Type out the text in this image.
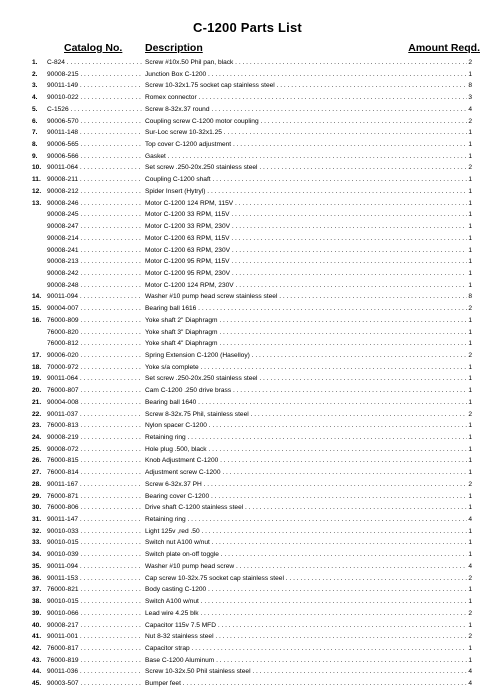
C-1200 Parts List
Catalog No. Description	Amount Reqd.
1. C-824 . . .	Screw #10x.50 Phil pan, black . . .	2
2. 90008-215 . . .	Junction Box C-1200 . . .	1
3. 90011-149 . . .	Screw 10-32x1.75 socket cap stainless steel . . .	8
4. 90010-022 . . .	Romex connector . . .	3
5. C-1526 . . .	Screw 8-32x.37 round . . .	4
6. 90006-570 . . .	Coupling screw C-1200 motor coupling . . .	2
7. 90011-148 . . .	Sur-Loc screw 10-32x1.25 . . .	1
8. 90006-565 . . .	Top cover C-1200 adjustment . . .	1
9. 90006-566 . . .	Gasket . . .	1
10. 90011-064 . . .	Set screw .250-20x.250 stainless steel . . .	2
11. 90008-211 . . .	Coupling C-1200 shaft . . .	1
12. 90008-212 . . .	Spider Insert (Hytryl) . . .	1
13. 90008-246 . . .	Motor C-1200 124 RPM, 115V . . .	1
90008-245 . . .	Motor C-1200 33 RPM, 115V . . .	1
90008-247 . . .	Motor C-1200 33 RPM, 230V . . .	1
90008-214 . . .	Motor C-1200 63 RPM, 115V . . .	1
90008-241 . . .	Motor C-1200 63 RPM, 230V . . .	1
90008-213 . . .	Motor C-1200 95 RPM, 115V . . .	1
90008-242 . . .	Motor C-1200 95 RPM, 230V . . .	1
90008-248 . . .	Motor C-1200 124 RPM, 230V . . .	1
14. 90011-094 . . .	Washer #10 pump head screw stainless steel . . .	8
15. 90004-007 . . .	Bearing ball 1616 . . .	2
16. 76000-809 . . .	Yoke shaft 2" Diaphragm . . .	1
76000-820 . . .	Yoke shaft 3" Diaphragm . . .	1
76000-812 . . .	Yoke shaft 4" Diaphragm . . .	1
17. 90006-020 . . .	Spring Extension C-1200 (Haselloy) . . .	2
18. 70000-972 . . .	Yoke s/a complete . . .	1
19. 90011-064 . . .	Set screw .250-20x.250 stainless steel . . .	1
20. 76000-807 . . .	Cam C-1200 .250 drive brass . . .	1
21. 90004-008 . . .	Bearing ball 1640 . . .	1
22. 90011-037 . . .	Screw 8-32x.75 Phil, stainless steel . . .	2
23. 76000-813 . . .	Nylon spacer C-1200 . . .	1
24. 90008-219 . . .	Retaining ring . . .	1
25. 90008-072 . . .	Hole plug .500, black . . .	1
26. 76000-815 . . .	Knob Adjustment C-1200 . . .	1
27. 76000-814 . . .	Adjustment screw C-1200 . . .	1
28. 90011-167 . . .	Screw 6-32x.37 PH . . .	2
29. 76000-871 . . .	Bearing cover C-1200 . . .	1
30. 76000-806 . . .	Drive shaft C-1200 stainless steel . . .	1
31. 90011-147 . . .	Retaining ring . . .	4
32. 90010-033 . . .	Light 125v ,red .50 . . .	1
33. 90010-015 . . .	Switch nut A100 w/nut . . .	1
34. 90010-039 . . .	Switch plate on-off toggle . . .	1
35. 90011-094 . . .	Washer #10 pump head screw . . .	4
36. 90011-153 . . .	Cap screw 10-32x.75 socket cap stainless steel . . .	2
37. 76000-821 . . .	Body casting C-1200 . . .	1
38. 90010-015 . . .	Switch A100 w/nut . . .	1
39. 90010-066 . . .	Lead wire 4.25 blk . . .	2
40. 90008-217 . . .	Capacitor 115v 7.5 MFD . . .	1
41. 90011-001 . . .	Nut 8-32 stainless steel . . .	2
42. 76000-817 . . .	Capacitor strap . . .	1
43. 76000-819 . . .	Base C-1200 Aluminum . . .	1
44. 90011-036 . . .	Screw 10-32x.50 Phil stainless steel . . .	4
45. 90003-507 . . .	Bumper feet . . .	4
